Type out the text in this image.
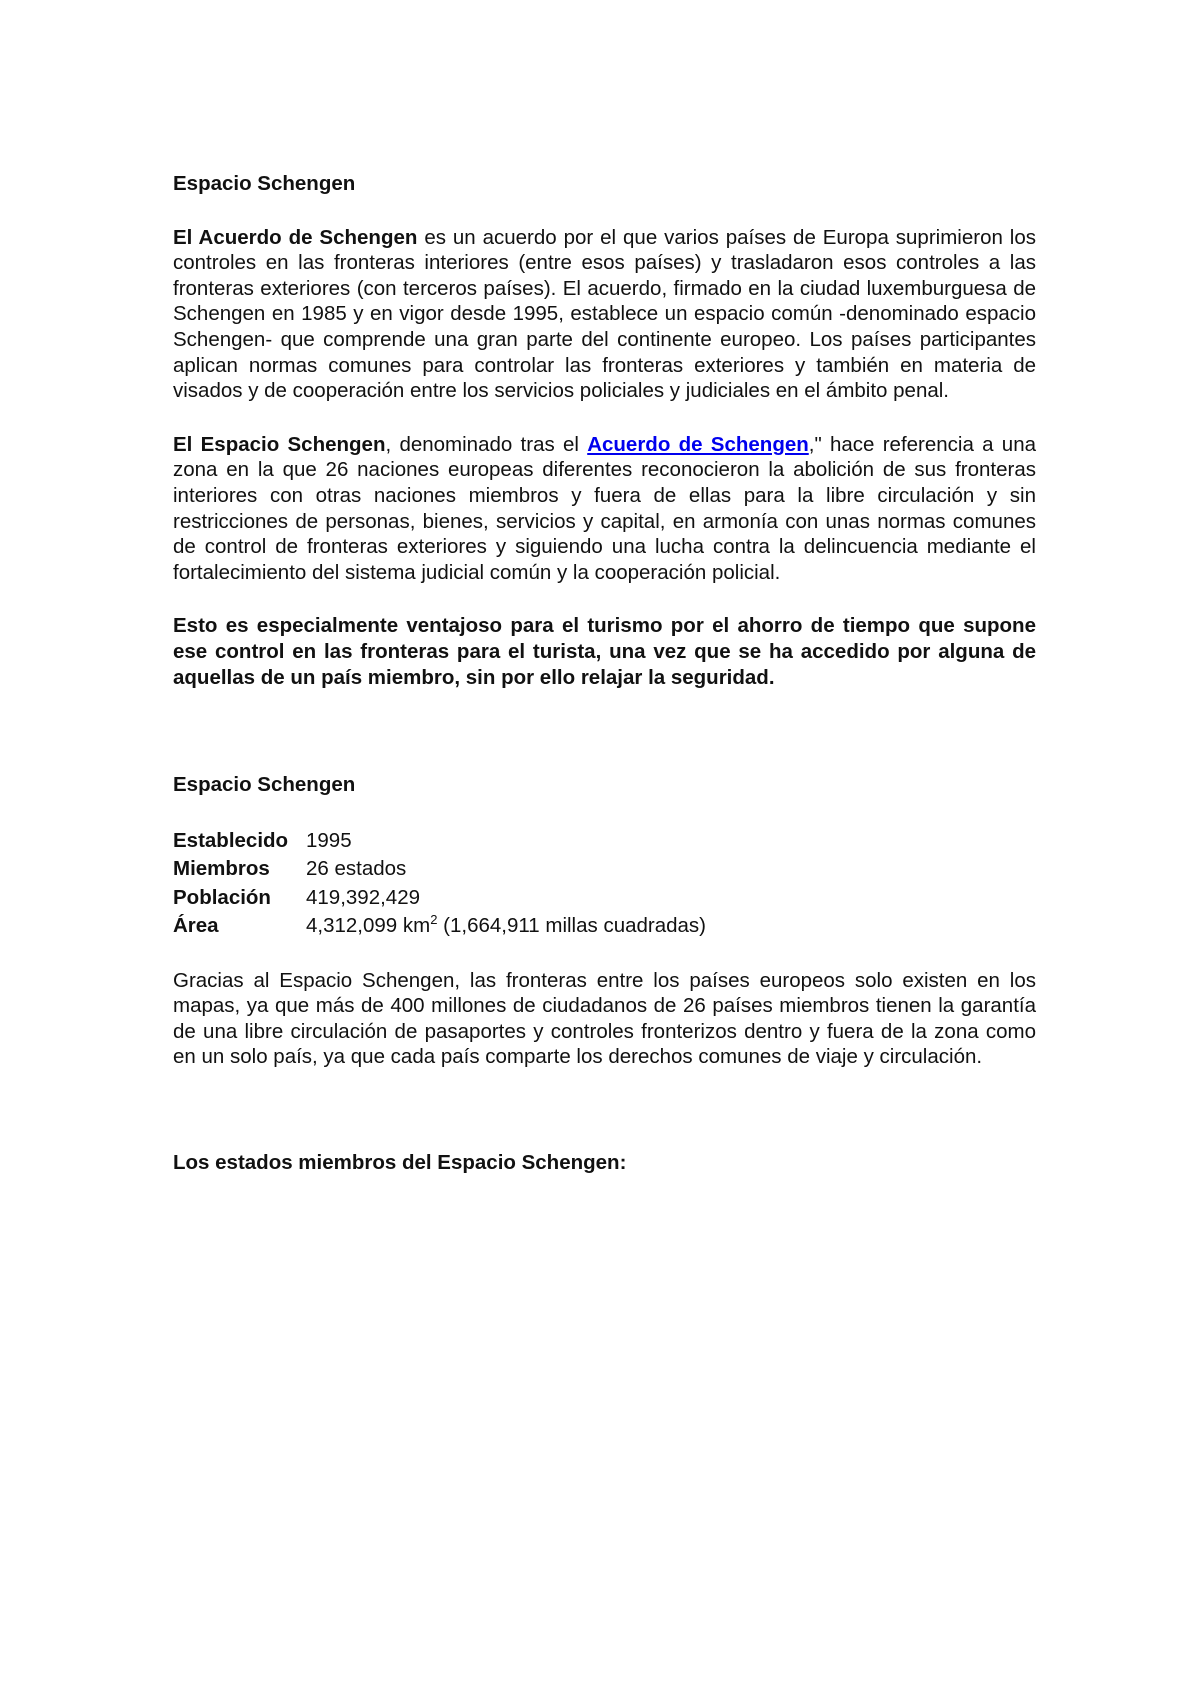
Espacio Schengen

El Acuerdo de Schengen es un acuerdo por el que varios países de Europa suprimieron los controles en las fronteras interiores (entre esos países) y trasladaron esos controles a las fronteras exteriores (con terceros países). El acuerdo, firmado en la ciudad luxemburguesa de Schengen en 1985 y en vigor desde 1995, establece un espacio común -denominado espacio Schengen- que comprende una gran parte del continente europeo. Los países participantes aplican normas comunes para controlar las fronteras exteriores y también en materia de visados y de cooperación entre los servicios policiales y judiciales en el ámbito penal.

El Espacio Schengen, denominado tras el Acuerdo de Schengen," hace referencia a una zona en la que 26 naciones europeas diferentes reconocieron la abolición de sus fronteras interiores con otras naciones miembros y fuera de ellas para la libre circulación y sin restricciones de personas, bienes, servicios y capital, en armonía con unas normas comunes de control de fronteras exteriores y siguiendo una lucha contra la delincuencia mediante el fortalecimiento del sistema judicial común y la cooperación policial.

Esto es especialmente ventajoso para el turismo por el ahorro de tiempo que supone ese control en las fronteras para el turista, una vez que se ha accedido por alguna de aquellas de un país miembro, sin por ello relajar la seguridad.

Espacio Schengen

Establecido	1995
Miembros	26 estados
Población	419,392,429
Área	4,312,099 $km^2$ (1,664,911 millas cuadradas)

Gracias al Espacio Schengen, las fronteras entre los países europeos solo existen en los mapas, ya que más de 400 millones de ciudadanos de 26 países miembros tienen la garantía de una libre circulación de pasaportes y controles fronterizos dentro y fuera de la zona como en un solo país, ya que cada país comparte los derechos comunes de viaje y circulación.

Los estados miembros del Espacio Schengen:
